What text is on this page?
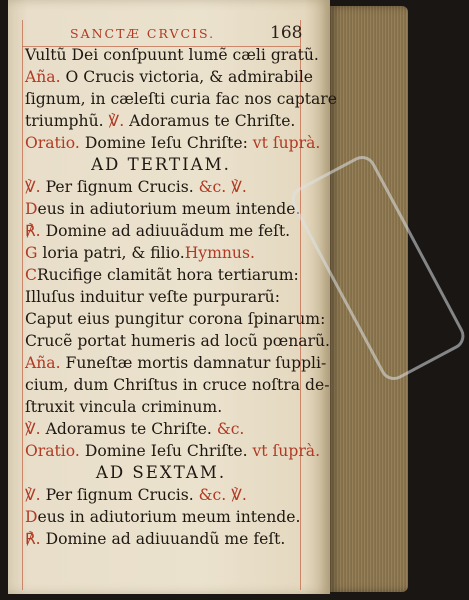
SANCTÆ CRVCIS.	168
Vultũ Dei conſpuunt lumẽ cæli gratũ.
Aña. O Crucis victoria, & admirabile
ſignum, in cæleſti curia fac nos captare
triumphũ. ℣. Adoramus te Chriſte.
Oratio. Domine Ieſu Chriſte: vt ſuprà.
AD TERTIAM.
℣. Per ſignum Crucis. &c. ℣.
Deus in adiutorium meum intende.
℟. Domine ad adiuuãdum me feſt.
G loria patri, & filio.Hymnus.
CRucifige clamitãt hora tertiarum:
Illuſus induitur veſte purpurarũ:
Caput eius pungitur corona ſpinarum:
Crucẽ portat humeris ad locũ pœnarũ.
Aña. Funeſtæ mortis damnatur ſuppli-
cium, dum Chriſtus in cruce noſtra de-
ſtruxit vincula criminum.
℣. Adoramus te Chriſte. &c.
Oratio. Domine Ieſu Chriſte. vt ſuprà.
AD SEXTAM.
℣. Per ſignum Crucis. &c. ℣.
Deus in adiutorium meum intende.
℟. Domine ad adiuuandũ me feſt.
